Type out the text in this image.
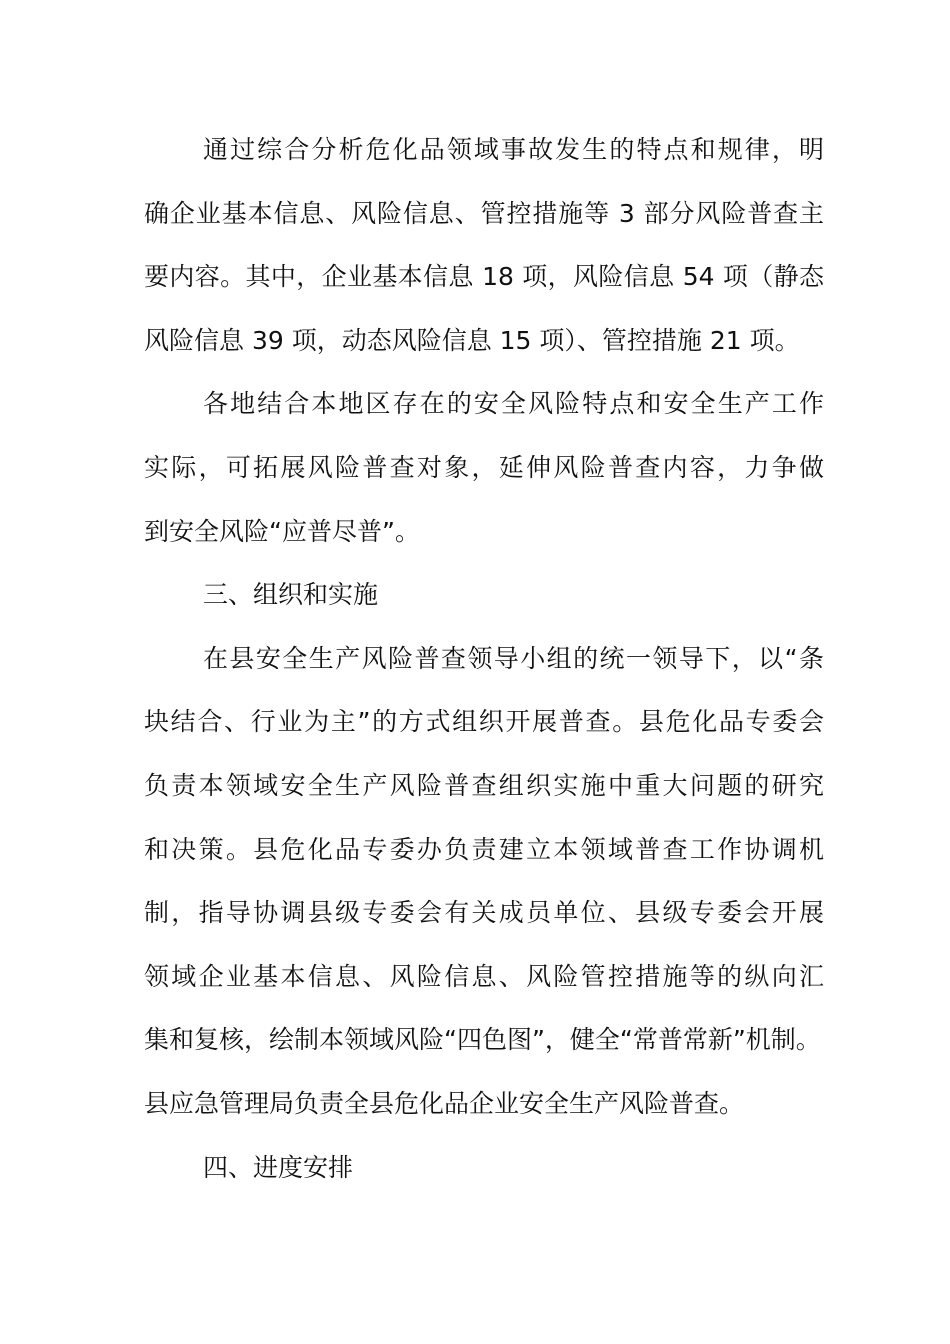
通过综合分析危化品领域事故发生的特点和规律，明
确企业基本信息、风险信息、管控措施等 3 部分风险普查主
要内容。其中，企业基本信息 18 项，风险信息 54 项（静态
风险信息 39 项，动态风险信息 15 项）、管控措施 21 项。
各地结合本地区存在的安全风险特点和安全生产工作
实际，可拓展风险普查对象，延伸风险普查内容，力争做
到安全风险“应普尽普”。
三、组织和实施
在县安全生产风险普查领导小组的统一领导下，以“条
块结合、行业为主”的方式组织开展普查。县危化品专委会
负责本领域安全生产风险普查组织实施中重大问题的研究
和决策。县危化品专委办负责建立本领域普查工作协调机
制，指导协调县级专委会有关成员单位、县级专委会开展
领域企业基本信息、风险信息、风险管控措施等的纵向汇
集和复核，绘制本领域风险“四色图”，健全“常普常新”机制。
县应急管理局负责全县危化品企业安全生产风险普查。
四、进度安排
